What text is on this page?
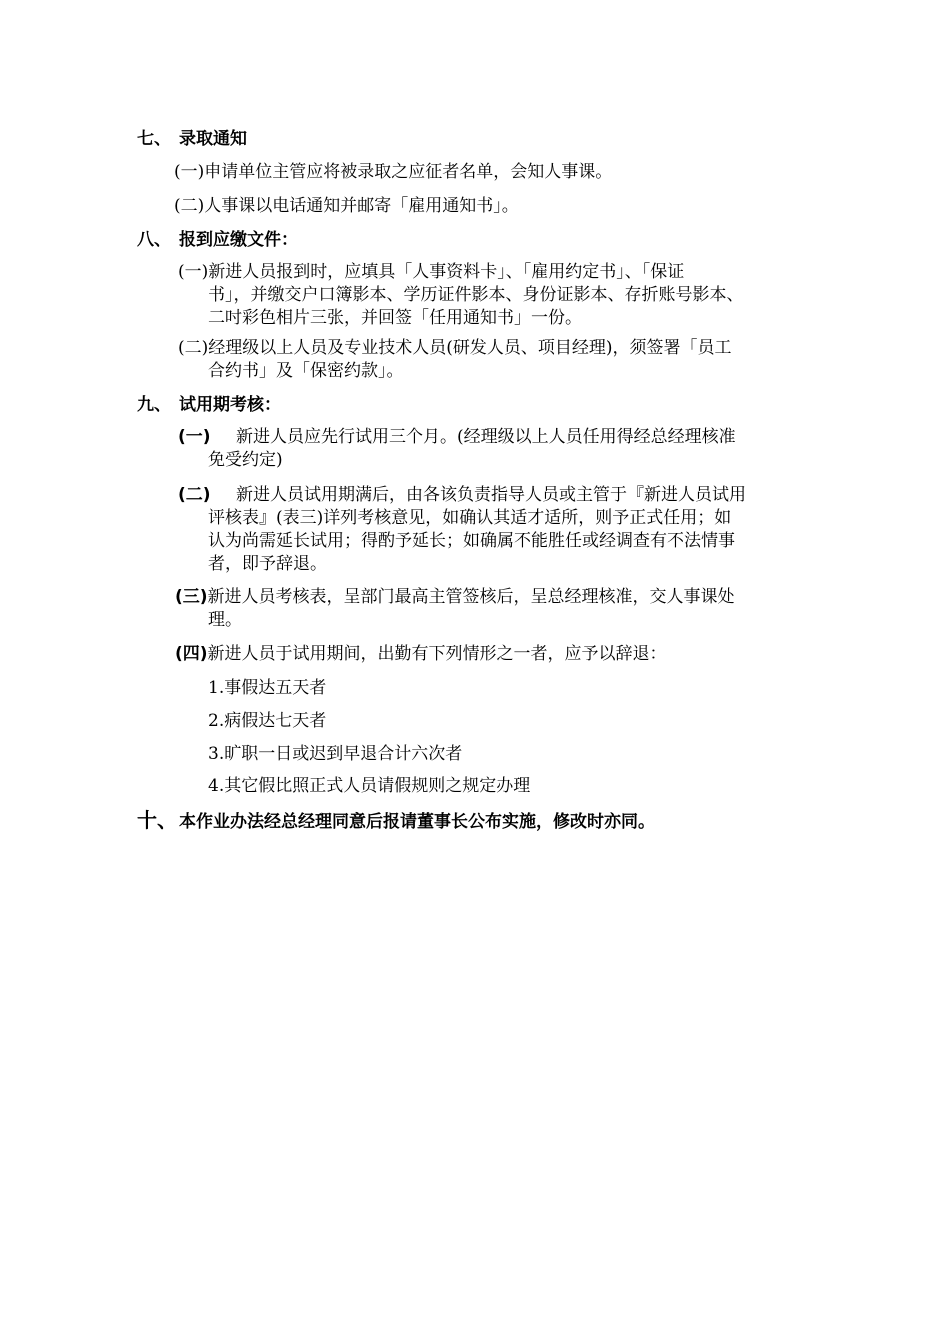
七、 录取通知
(一)申请单位主管应将被录取之应征者名单，会知人事课。
(二)人事课以电话通知并邮寄「雇用通知书」。
八、 报到应缴文件：
(一)新进人员报到时，应填具「人事资料卡」、「雇用约定书」、「保证
书」，并缴交户口簿影本、学历证件影本、身份证影本、存折账号影本、
二吋彩色相片三张，并回签「任用通知书」一份。
(二)经理级以上人员及专业技术人员(研发人员、项目经理)，须签署「员工
合约书」及「保密约款」。
九、 试用期考核：
(一) 新进人员应先行试用三个月。(经理级以上人员任用得经总经理核准
免受约定)
(二) 新进人员试用期满后，由各该负责指导人员或主管于『新进人员试用
评核表』(表三)详列考核意见，如确认其适才适所，则予正式任用；如
认为尚需延长试用；得酌予延长；如确属不能胜任或经调查有不法情事
者，即予辞退。
(三)新进人员考核表，呈部门最高主管签核后，呈总经理核准，交人事课处
理。
(四)新进人员于试用期间，出勤有下列情形之一者，应予以辞退：
1.事假达五天者
2.病假达七天者
3.旷职一日或迟到早退合计六次者
4.其它假比照正式人员请假规则之规定办理
十、 本作业办法经总经理同意后报请董事长公布实施，修改时亦同。
